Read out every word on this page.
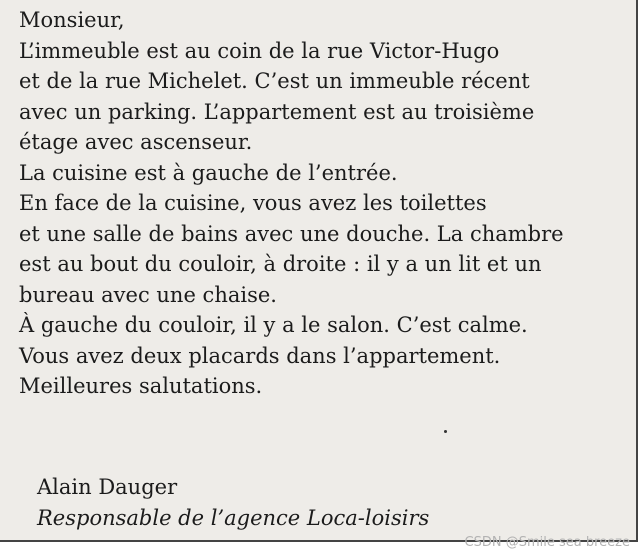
Monsieur,
L’immeuble est au coin de la rue Victor-Hugo
et de la rue Michelet. C’est un immeuble récent
avec un parking. L’appartement est au troisième
étage avec ascenseur.
La cuisine est à gauche de l’entrée.
En face de la cuisine, vous avez les toilettes
et une salle de bains avec une douche. La chambre
est au bout du couloir, à droite : il y a un lit et un
bureau avec une chaise.
À gauche du couloir, il y a le salon. C’est calme.
Vous avez deux placards dans l’appartement.
Meilleures salutations.
Alain Dauger
Responsable de l’agence Loca-loisirs
CSDN @Smile sea breeze
